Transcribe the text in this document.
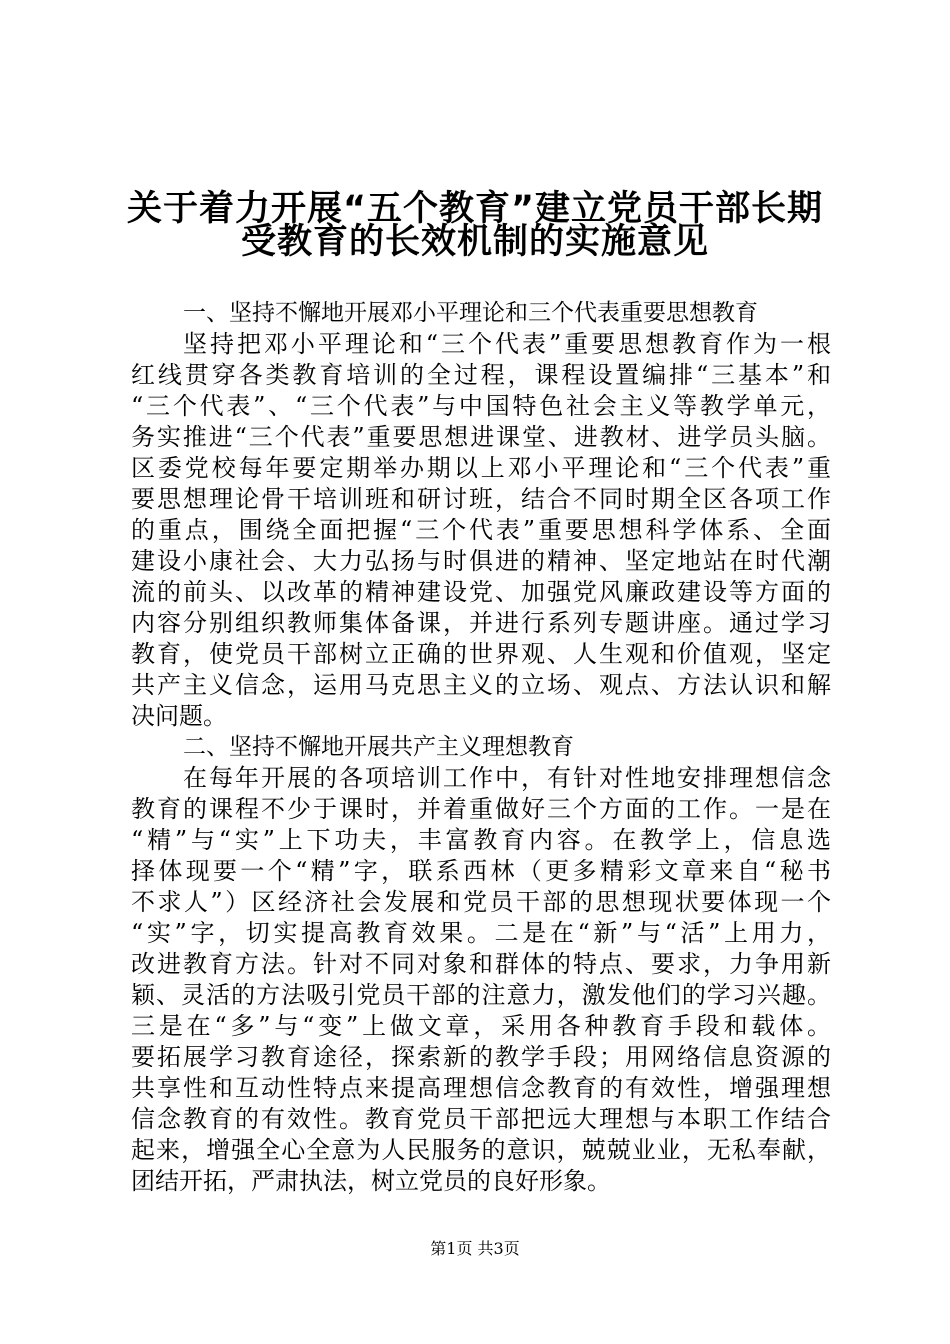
关于着力开展“五个教育”建立党员干部长期
受教育的长效机制的实施意见
一、坚持不懈地开展邓小平理论和三个代表重要思想教育
坚持把邓小平理论和“三个代表”重要思想教育作为一根
红线贯穿各类教育培训的全过程，课程设置编排“三基本”和
“三个代表”、“三个代表”与中国特色社会主义等教学单元，
务实推进“三个代表”重要思想进课堂、进教材、进学员头脑。
区委党校每年要定期举办期以上邓小平理论和“三个代表”重
要思想理论骨干培训班和研讨班，结合不同时期全区各项工作
的重点，围绕全面把握“三个代表”重要思想科学体系、全面
建设小康社会、大力弘扬与时俱进的精神、坚定地站在时代潮
流的前头、以改革的精神建设党、加强党风廉政建设等方面的
内容分别组织教师集体备课，并进行系列专题讲座。通过学习
教育，使党员干部树立正确的世界观、人生观和价值观，坚定
共产主义信念，运用马克思主义的立场、观点、方法认识和解
决问题。
二、坚持不懈地开展共产主义理想教育
在每年开展的各项培训工作中，有针对性地安排理想信念
教育的课程不少于课时，并着重做好三个方面的工作。一是在
“精”与“实”上下功夫，丰富教育内容。在教学上，信息选
择体现要一个“精”字，联系西林（更多精彩文章来自“秘书
不求人”）区经济社会发展和党员干部的思想现状要体现一个
“实”字，切实提高教育效果。二是在“新”与“活”上用力，
改进教育方法。针对不同对象和群体的特点、要求，力争用新
颖、灵活的方法吸引党员干部的注意力，激发他们的学习兴趣。
三是在“多”与“变”上做文章，采用各种教育手段和载体。
要拓展学习教育途径，探索新的教学手段；用网络信息资源的
共享性和互动性特点来提高理想信念教育的有效性，增强理想
信念教育的有效性。教育党员干部把远大理想与本职工作结合
起来，增强全心全意为人民服务的意识，兢兢业业，无私奉献，
团结开拓，严肃执法，树立党员的良好形象。
第1页 共3页
